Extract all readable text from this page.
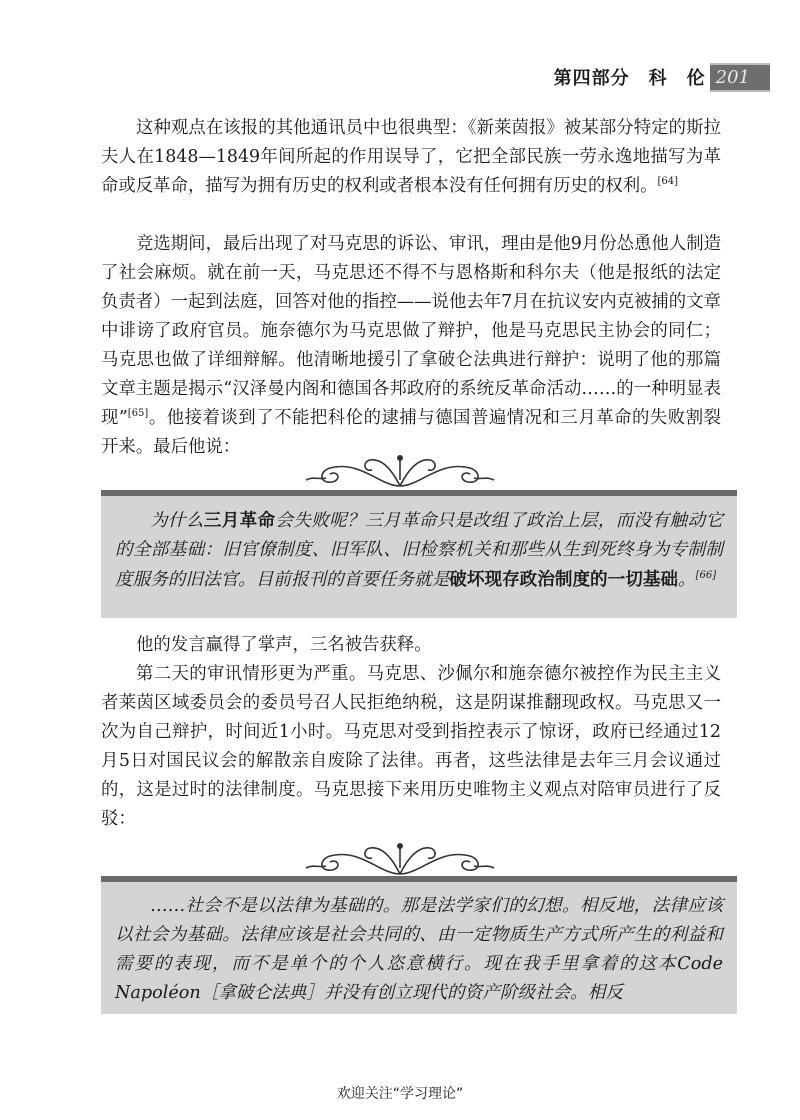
第四部分　科　伦 201

这种观点在该报的其他通讯员中也很典型：《新莱茵报》被某部分特定的斯拉夫人在1848—1849年间所起的作用误导了，它把全部民族一劳永逸地描写为革命或反革命，描写为拥有历史的权利或者根本没有任何拥有历史的权利。[64]

竞选期间，最后出现了对马克思的诉讼、审讯，理由是他9月份怂恿他人制造了社会麻烦。就在前一天，马克思还不得不与恩格斯和科尔夫（他是报纸的法定负责者）一起到法庭，回答对他的指控——说他去年7月在抗议安内克被捕的文章中诽谤了政府官员。施奈德尔为马克思做了辩护，他是马克思民主协会的同仁；马克思也做了详细辩解。他清晰地援引了拿破仑法典进行辩护：说明了他的那篇文章主题是揭示“汉泽曼内阁和德国各邦政府的系统反革命活动……的一种明显表现”[65]。他接着谈到了不能把科伦的逮捕与德国普遍情况和三月革命的失败割裂开来。最后他说：

为什么三月革命会失败呢？三月革命只是改组了政治上层，而没有触动它的全部基础：旧官僚制度、旧军队、旧检察机关和那些从生到死终身为专制制度服务的旧法官。目前报刊的首要任务就是破坏现存政治制度的一切基础。[66]

他的发言赢得了掌声，三名被告获释。

第二天的审讯情形更为严重。马克思、沙佩尔和施奈德尔被控作为民主主义者莱茵区域委员会的委员号召人民拒绝纳税，这是阴谋推翻现政权。马克思又一次为自己辩护，时间近1小时。马克思对受到指控表示了惊讶，政府已经通过12月5日对国民议会的解散亲自废除了法律。再者，这些法律是去年三月会议通过的，这是过时的法律制度。马克思接下来用历史唯物主义观点对陪审员进行了反驳：

……社会不是以法律为基础的。那是法学家们的幻想。相反地，法律应该以社会为基础。法律应该是社会共同的、由一定物质生产方式所产生的利益和需要的表现，而不是单个的个人恣意横行。现在我手里拿着的这本Code Napoléon［拿破仑法典］并没有创立现代的资产阶级社会。相反

欢迎关注“学习理论”
